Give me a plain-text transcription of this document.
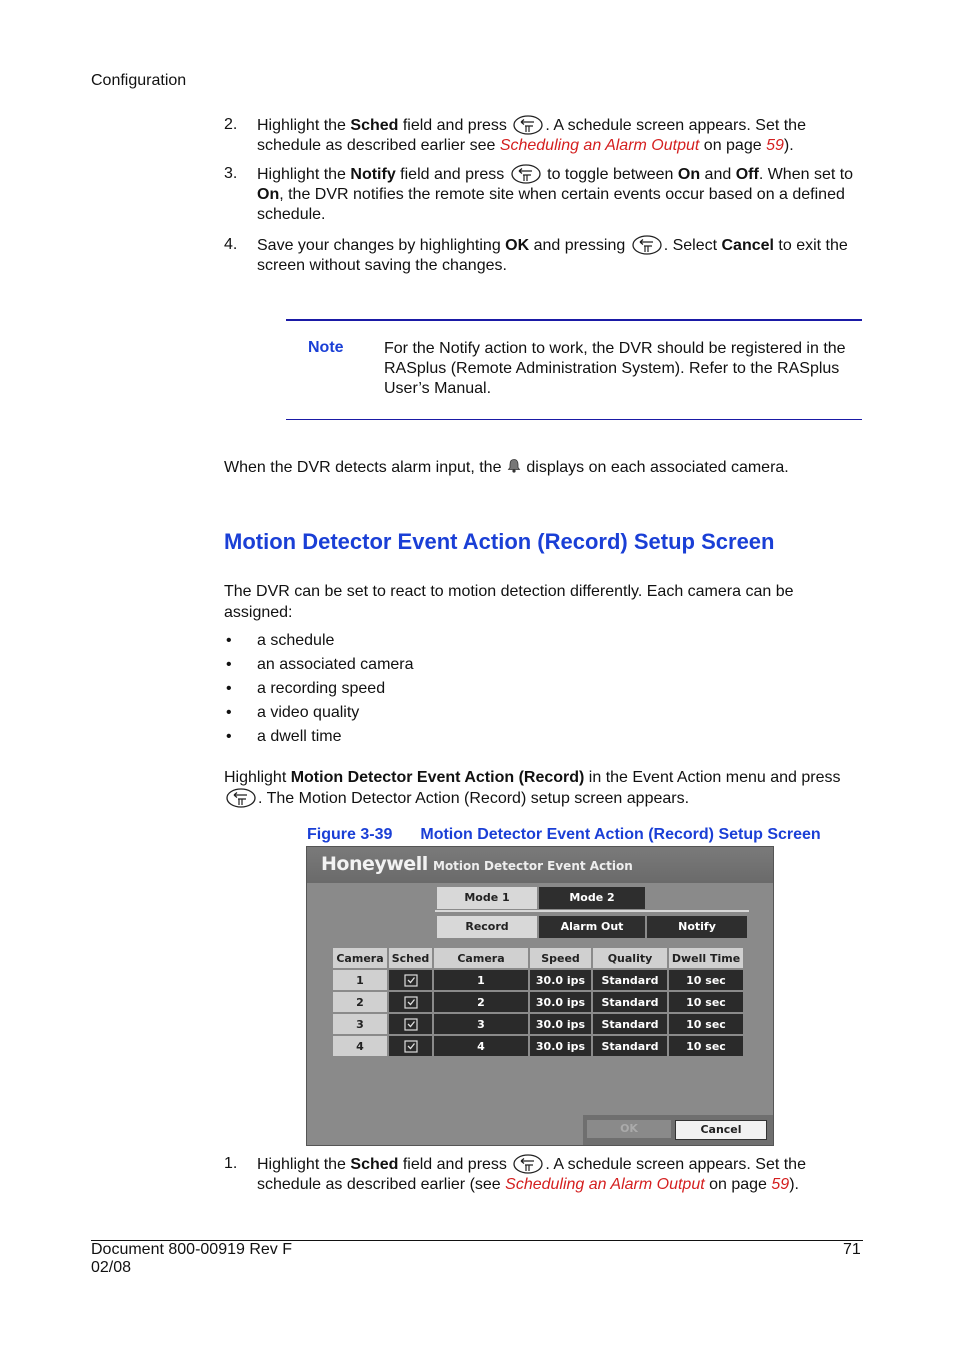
Configuration
2.	Highlight the Sched field and press
. A schedule screen appears. Set the schedule as described earlier see Scheduling an Alarm Output on page 59).
3.	Highlight the Notify field and press
to toggle between On and Off. When set to On, the DVR notifies the remote site when certain events occur based on a defined schedule.
4.	Save your changes by highlighting OK and pressing
. Select Cancel to exit the screen without saving the changes.
Note	For the Notify action to work, the DVR should be registered in the RASplus (Remote Administration System). Refer to the RASplus User’s Manual.
When the DVR detects alarm input, the  displays on each associated camera.
Motion Detector Event Action (Record) Setup Screen
The DVR can be set to react to motion detection differently. Each camera can be assigned:
• a schedule
• an associated camera
• a recording speed
• a video quality
• a dwell time
Highlight Motion Detector Event Action (Record) in the Event Action menu and press
. The Motion Detector Action (Record) setup screen appears.
Figure 3-39 Motion Detector Event Action (Record) Setup Screen
Honeywell Motion Detector Event Action
Mode 1	Mode 2
Record	Alarm Out	Notify
Camera	Sched	Camera	Speed	Quality	Dwell Time
1		1	30.0 ips	Standard	10 sec
2		2	30.0 ips	Standard	10 sec
3		3	30.0 ips	Standard	10 sec
4		4	30.0 ips	Standard	10 sec
OK	Cancel
1.	Highlight the Sched field and press
. A schedule screen appears. Set the schedule as described earlier (see Scheduling an Alarm Output on page 59).
Document 800-00919 Rev F
02/08
71
